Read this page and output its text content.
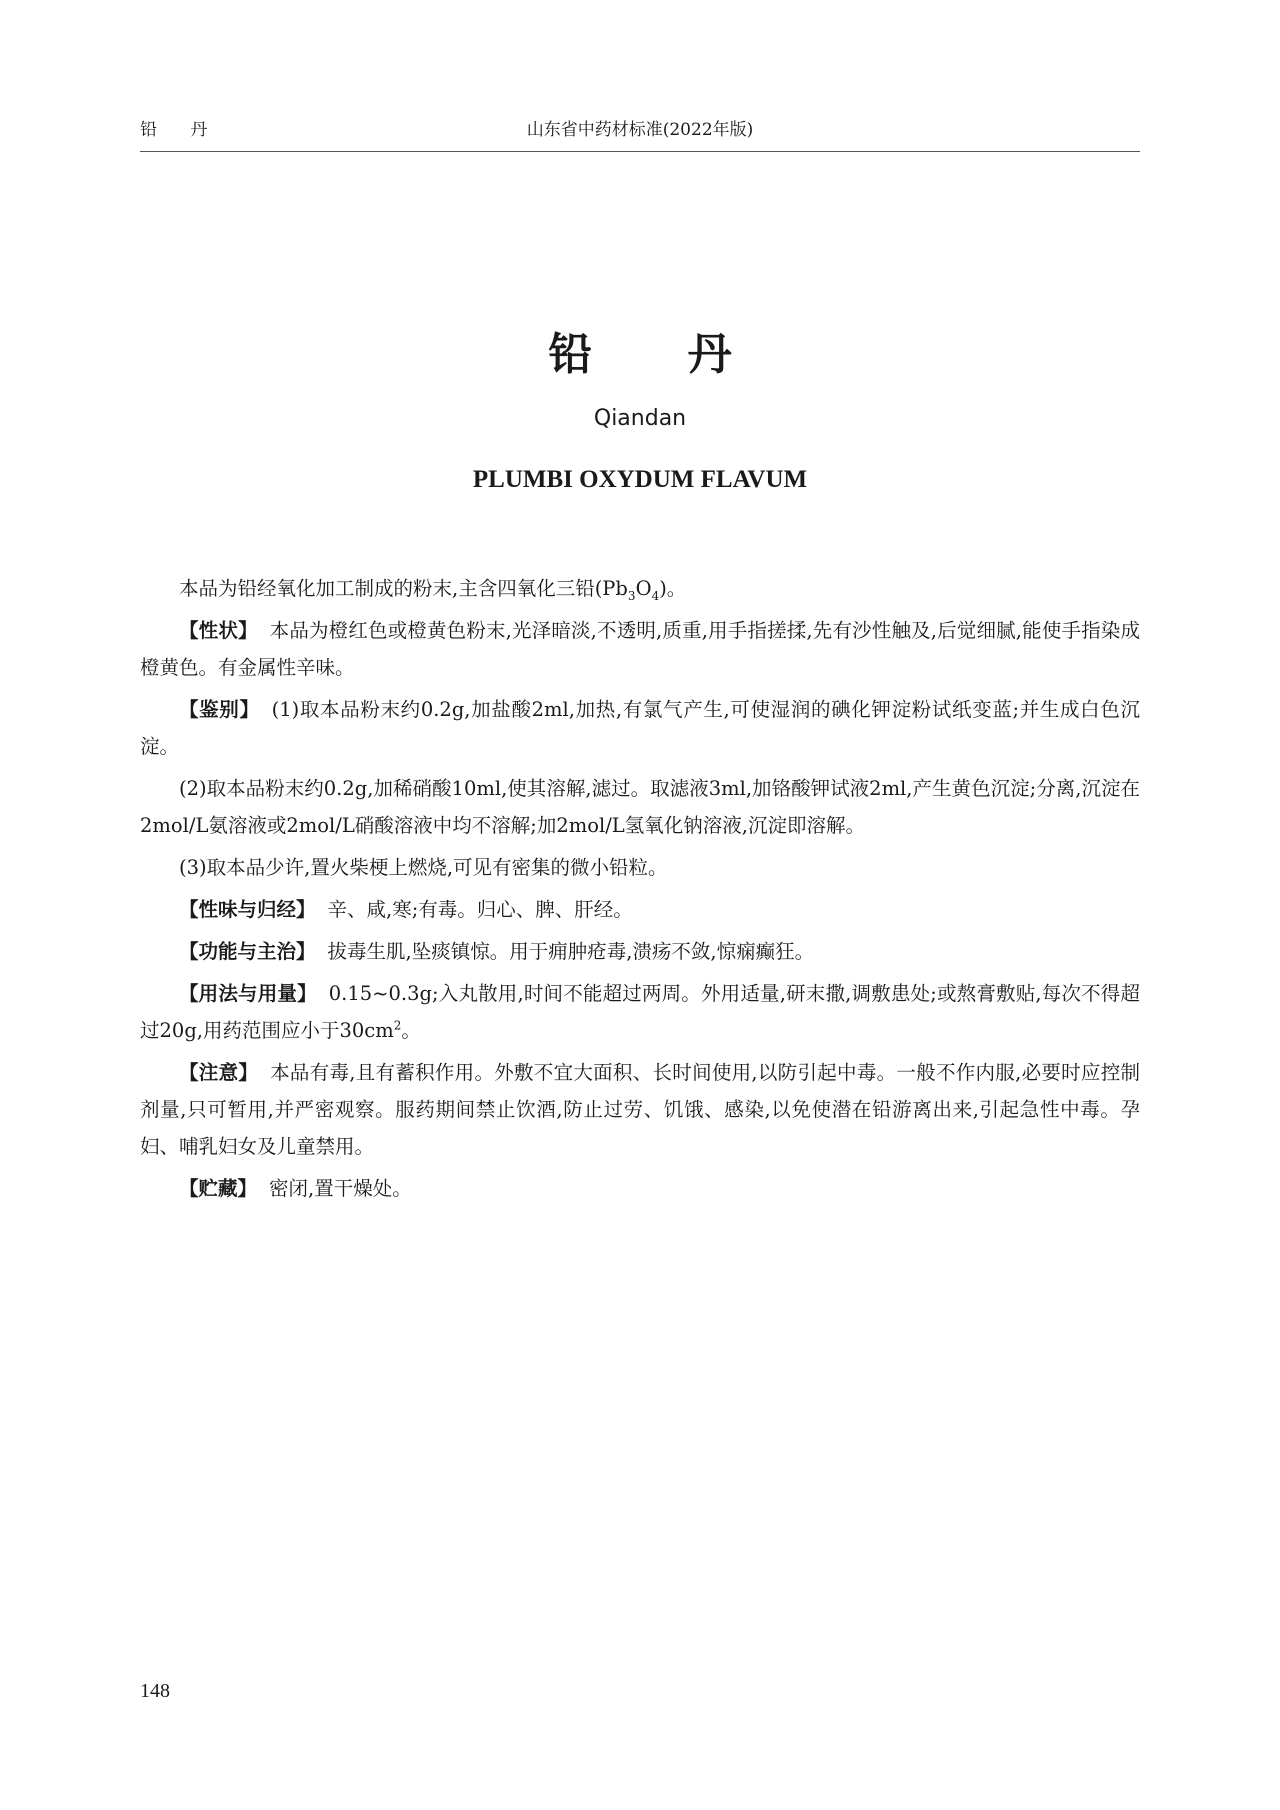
铅 丹	山东省中药材标准(2022年版)
铅 丹
Qiandan
PLUMBI OXYDUM FLAVUM

本品为铅经氧化加工制成的粉末,主含四氧化三铅$(Pb_3O_4)$。

【性状】 本品为橙红色或橙黄色粉末,光泽暗淡,不透明,质重,用手指搓揉,先有沙性触及,后觉细腻,能使手指染成橙黄色。有金属性辛味。

【鉴别】 (1)取本品粉末约0.2g,加盐酸2ml,加热,有氯气产生,可使湿润的碘化钾淀粉试纸变蓝;并生成白色沉淀。

(2)取本品粉末约0.2g,加稀硝酸10ml,使其溶解,滤过。取滤液3ml,加铬酸钾试液2ml,产生黄色沉淀;分离,沉淀在2mol/L氨溶液或2mol/L硝酸溶液中均不溶解;加2mol/L氢氧化钠溶液,沉淀即溶解。

(3)取本品少许,置火柴梗上燃烧,可见有密集的微小铅粒。

【性味与归经】 辛、咸,寒;有毒。归心、脾、肝经。

【功能与主治】 拔毒生肌,坠痰镇惊。用于痈肿疮毒,溃疡不敛,惊痫癫狂。

【用法与用量】 0.15~0.3g;入丸散用,时间不能超过两周。外用适量,研末撒,调敷患处;或熬膏敷贴,每次不得超过20g,用药范围应小于$30cm^2$。

【注意】 本品有毒,且有蓄积作用。外敷不宜大面积、长时间使用,以防引起中毒。一般不作内服,必要时应控制剂量,只可暂用,并严密观察。服药期间禁止饮酒,防止过劳、饥饿、感染,以免使潜在铅游离出来,引起急性中毒。孕妇、哺乳妇女及儿童禁用。

【贮藏】 密闭,置干燥处。

148
